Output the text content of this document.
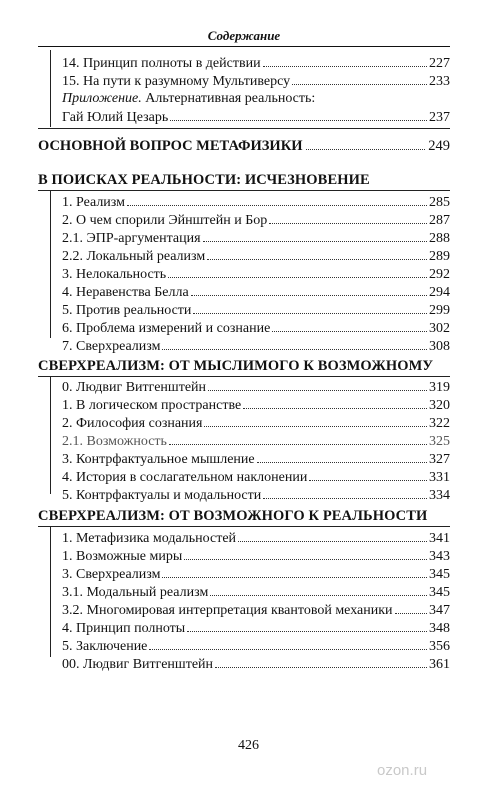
Содержание
14. Принцип полноты в действии	227
15. На пути к разумному Мультиверсу	233
Приложение. Альтернативная реальность:
Гай Юлий Цезарь	237
ОСНОВНОЙ ВОПРОС МЕТАФИЗИКИ	249
В ПОИСКАХ РЕАЛЬНОСТИ: ИСЧЕЗНОВЕНИЕ
1. Реализм	285
2. О чем спорили Эйнштейн и Бор	287
2.1. ЭПР-аргументация	288
2.2. Локальный реализм	289
3. Нелокальность	292
4. Неравенства Белла	294
5. Против реальности	299
6. Проблема измерений и сознание	302
7. Сверхреализм	308
СВЕРХРЕАЛИЗМ: ОТ МЫСЛИМОГО К ВОЗМОЖНОМУ
0. Людвиг Витгенштейн	319
1. В логическом пространстве	320
2. Философия сознания	322
2.1. Возможность	325
3. Контрфактуальное мышление	327
4. История в сослагательном наклонении	331
5. Контрфактуалы и модальности	334
СВЕРХРЕАЛИЗМ: ОТ ВОЗМОЖНОГО К РЕАЛЬНОСТИ
1. Метафизика модальностей	341
1. Возможные миры	343
3. Сверхреализм	345
3.1. Модальный реализм	345
3.2. Многомировая интерпретация квантовой механики	347
4. Принцип полноты	348
5. Заключение	356
00. Людвиг Витгенштейн	361
426
ozon.ru
